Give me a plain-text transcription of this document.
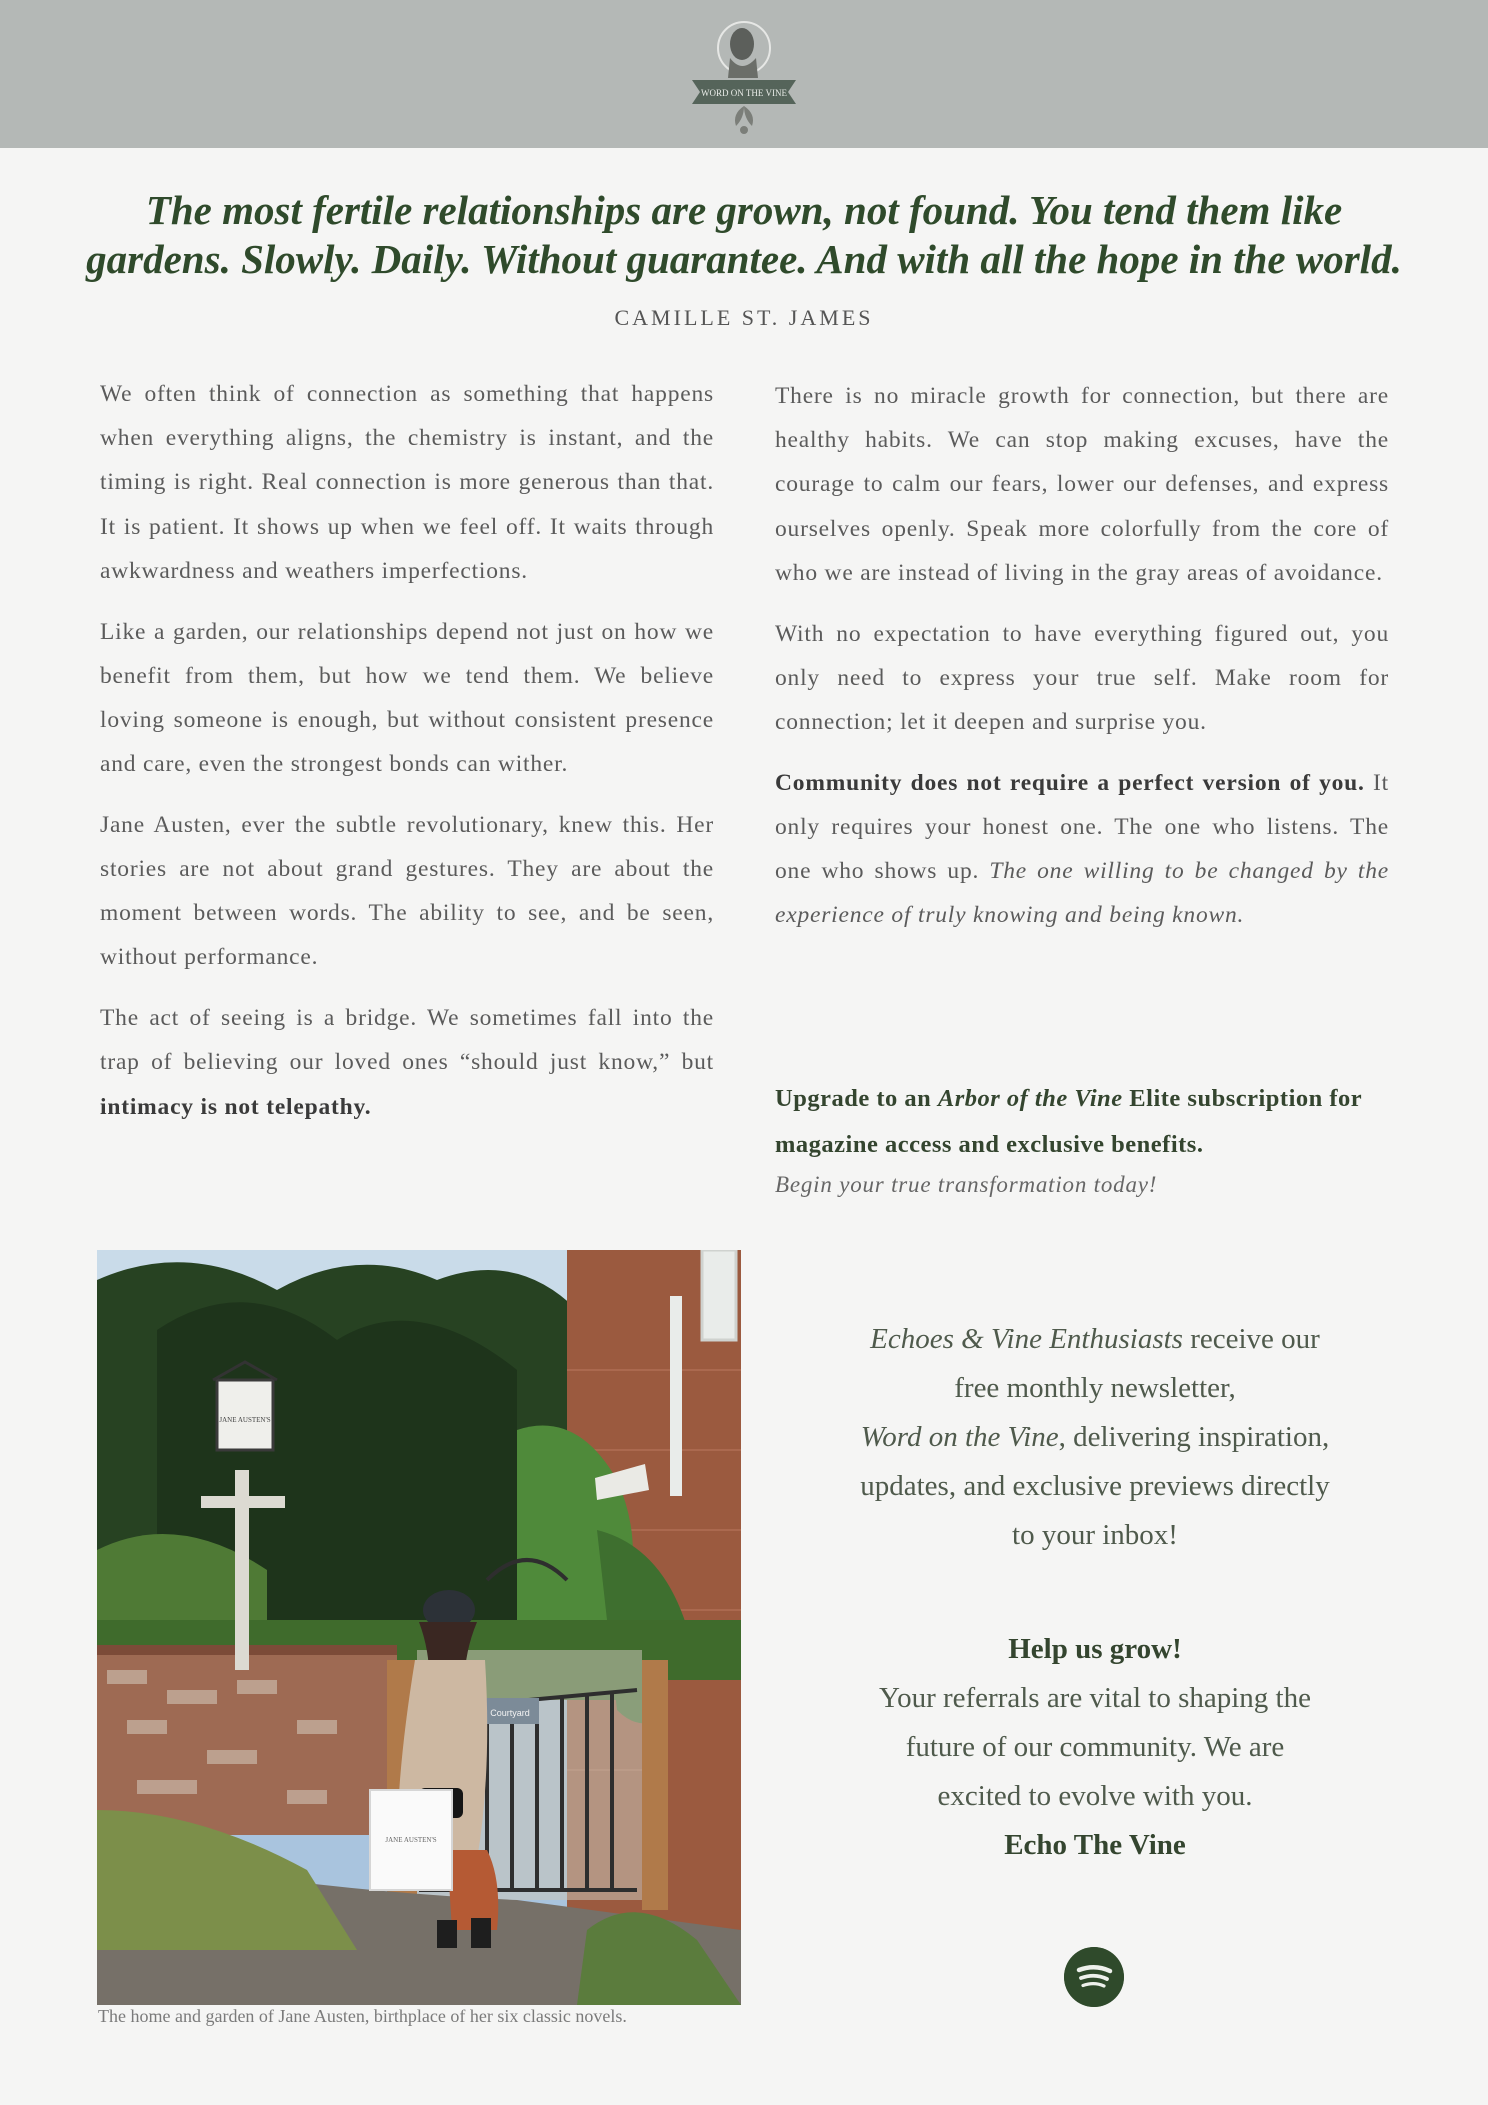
WORD ON THE VINE
The most fertile relationships are grown, not found. You tend them like
gardens. Slowly. Daily. Without guarantee. And with all the hope in the world.
CAMILLE ST. JAMES

We often think of connection as something that happens when everything aligns, the chemistry is instant, and the timing is right. Real connection is more generous than that. It is patient. It shows up when we feel off. It waits through awkwardness and weathers imperfections.

Like a garden, our relationships depend not just on how we benefit from them, but how we tend them. We believe loving someone is enough, but without consistent presence and care, even the strongest bonds can wither.

Jane Austen, ever the subtle revolutionary, knew this. Her stories are not about grand gestures. They are about the moment between words. The ability to see, and be seen, without performance.

The act of seeing is a bridge. We sometimes fall into the trap of believing our loved ones “should just know,” but intimacy is not telepathy.

There is no miracle growth for connection, but there are healthy habits. We can stop making excuses, have the courage to calm our fears, lower our defenses, and express ourselves openly. Speak more colorfully from the core of who we are instead of living in the gray areas of avoidance.

With no expectation to have everything figured out, you only need to express your true self. Make room for connection; let it deepen and surprise you.

Community does not require a perfect version of you. It only requires your honest one. The one who listens. The one who shows up. The one willing to be changed by the experience of truly knowing and being known.

Upgrade to an Arbor of the Vine Elite subscription for magazine access and exclusive benefits.
Begin your true transformation today!
JANE AUSTEN'S
Courtyard
JANE AUSTEN'S
The home and garden of Jane Austen, birthplace of her six classic novels.
Echoes & Vine Enthusiasts receive our
free monthly newsletter,
Word on the Vine, delivering inspiration,
updates, and exclusive previews directly
to your inbox!
Help us grow!
Your referrals are vital to shaping the
future of our community. We are
excited to evolve with you.
Echo The Vine
